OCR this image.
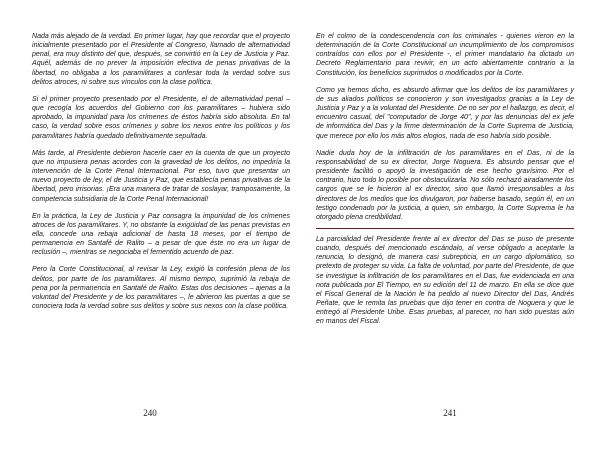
Nada más alejado de la verdad. En primer lugar, hay que recordar que el proyecto inicialmente presentado por el Presidente al Congreso, llamado de alternatividad penal, era muy distinto del que, después, se convirtió en la Ley de Justicia y Paz. Aquél, además de no prever la imposición efectiva de penas privativas de la libertad, no obligaba a los paramilitares a confesar toda la verdad sobre sus delitos atroces, ni sobre sus vínculos con la clase política.

Si el primer proyecto presentado por el Presidente, el de alternatividad penal – que recogía los acuerdos del Gobierno con los paramilitares – hubiera sido aprobado, la impunidad para los crímenes de éstos habría sido absoluta. En tal caso, la verdad sobre esos crímenes y sobre los nexos entre los políticos y los paramilitares habría quedado definitivamente sepultada.

Más tarde, al Presidente debieron hacerle caer en la cuenta de que un proyecto que no impusiera penas acordes con la gravedad de los delitos, no impediría la intervención de la Corte Penal Internacional. Por eso, tuvo que presentar un nuevo proyecto de ley, el de Justicia y Paz, que establecía penas privativas de la libertad, pero irrisorias. ¡Era una manera de tratar de soslayar, tramposamente, la competencia subsidiaria de la Corte Penal Internacional!

En la práctica, la Ley de Justicia y Paz consagra la impunidad de los crímenes atroces de los paramilitares. Y, no obstante la exigüidad de las penas previstas en ella, concede una rebaja adicional de hasta 18 meses, por el tiempo de permanencia en Santafé de Ralito – a pesar de que éste no era un lugar de reclusión –, mientras se negociaba el fementido acuerdo de paz.

Pero la Corte Constitucional, al revisar la Ley, exigió la confesión plena de los delitos, por parte de los paramilitares. Al mismo tiempo, suprimió la rebaja de pena por la permanencia en Santafé de Ralito. Estas dos decisiones – ajenas a la voluntad del Presidente y de los paramilitares –, le abrieron las puertas a que se conociera toda la verdad sobre sus delitos y sobre sus nexos con la clase política.

240

En el colmo de la condescendencia con los criminales - quienes vieron en la determinación de la Corte Constitucional un incumplimiento de los compromisos contraídos con ellos por el Presidente -, el primer mandatario ha dictado un Decreto Reglamentario para revivir, en un acto abiertamente contrario a la Constitución, los beneficios suprimidos o modificados por la Corte.

Como ya hemos dicho, es absurdo afirmar que los delitos de los paramilitares y de sus aliados políticos se conocieron y son investigados gracias a la Ley de Justicia y Paz y a la voluntad del Presidente. De no ser por el hallazgo, es decir, el encuentro casual, del "computador de Jorge 40", y por las denuncias del ex jefe de informática del Das y la firme determinación de la Corte Suprema de Justicia, que merece por ello los más altos elogios, nada de eso habría sido posible.

Nadie duda hoy de la infiltración de los paramilitares en el Das, ni de la responsabilidad de su ex director, Jorge Noguera. Es absurdo pensar que el presidente facilitó o apoyó la investigación de ese hecho gravísimo. Por el contrario, hizo todo lo posible por obstaculizarla. No sólo rechazó airadamente los cargos que se le hicieron al ex director, sino que llamó irresponsables a los directores de los medios que los divulgaron, por haberse basado, según él, en un testigo condenado por la justicia, a quien, sin embargo, la Corte Suprema le ha otorgado plena credibilidad.

La parcialidad del Presidente frente al ex director del Das se puso de presente cuando, después del mencionado escándalo, al verse obligado a aceptarle la renuncia, lo designó, de manera casi subrepticia, en un cargo diplomático, so pretexto de proteger su vida. La falta de voluntad, por parte del Presidente, de que se investigue la infiltración de los paramilitares en el Das, fue evidenciada en una nota publicada por El Tiempo, en su edición del 11 de marzo. En ella se dice que el Fiscal General de la Nación le ha pedido al nuevo Director del Das, Andrés Peñate, que le remita las pruebas que dijo tener en contra de Noguera y que le entregó al Presidente Uribe. Esas pruebas, al parecer, no han sido puestas aún en manos del Fiscal.

241
